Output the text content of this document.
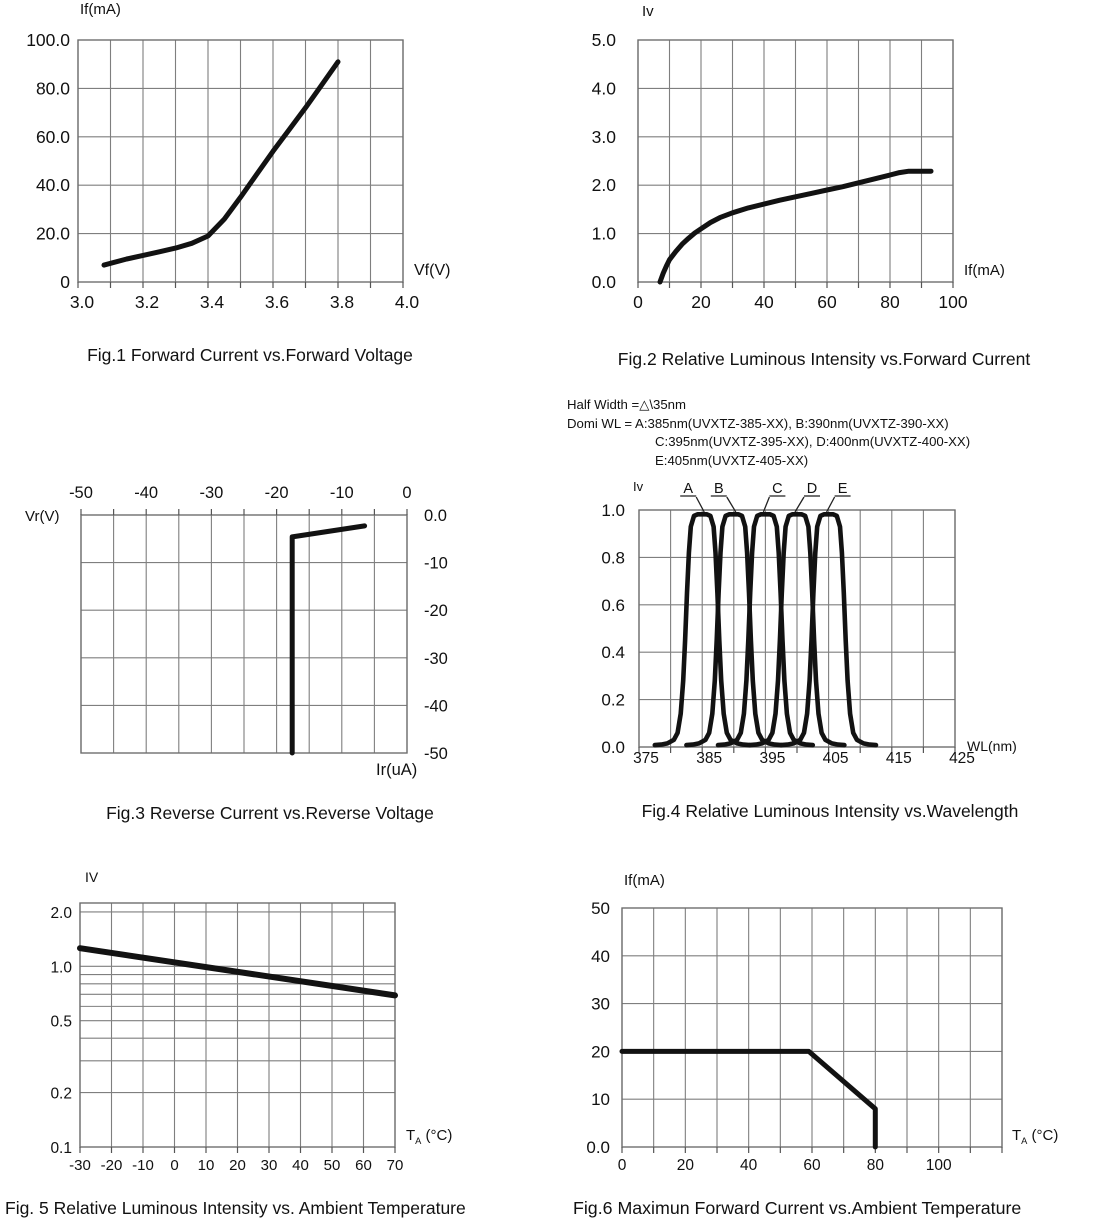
3.0 3.2 3.4 3.6 3.8 4.0
0
20.0
40.0
60.0
80.0
100.0
0	20 40 60 80 100
0.0
1.0
2.0
3.0
4.0
5.0
-50	-40	-30	-20	-10	0
0.0
-10
-20
-30
-40
-50	375 385 395 405 415 425
1.0
0.8
0.6
0.4
0.2
0.0
A B	C D E
-30 -20 -10 0 10 20 30 40 50 60 70
2.0
1.0
0.5
0.2
0.1
0	20	40	60	80	100
0.0
10
20
30
40
50
If(mA)
Vf(V)
Fig.1 Forward Current vs.Forward Voltage
Iv
If(mA)
Fig.2 Relative Luminous Intensity vs.Forward Current
Vr(V)
Ir(uA)
Fig.3 Reverse Current vs.Reverse Voltage
Half Width =△\35nm
Domi WL = A:385nm(UVXTZ-385-XX), B:390nm(UVXTZ-390-XX)
C:395nm(UVXTZ-395-XX), D:400nm(UVXTZ-400-XX)
E:405nm(UVXTZ-405-XX)
Iv
WL(nm)
Fig.4 Relative Luminous Intensity vs.Wavelength
IV
$T_A$ (°C)
Fig. 5 Relative Luminous Intensity vs. Ambient Temperature
If(mA)
$T_A$ (°C)
Fig.6 Maximun Forward Current vs.Ambient Temperature
